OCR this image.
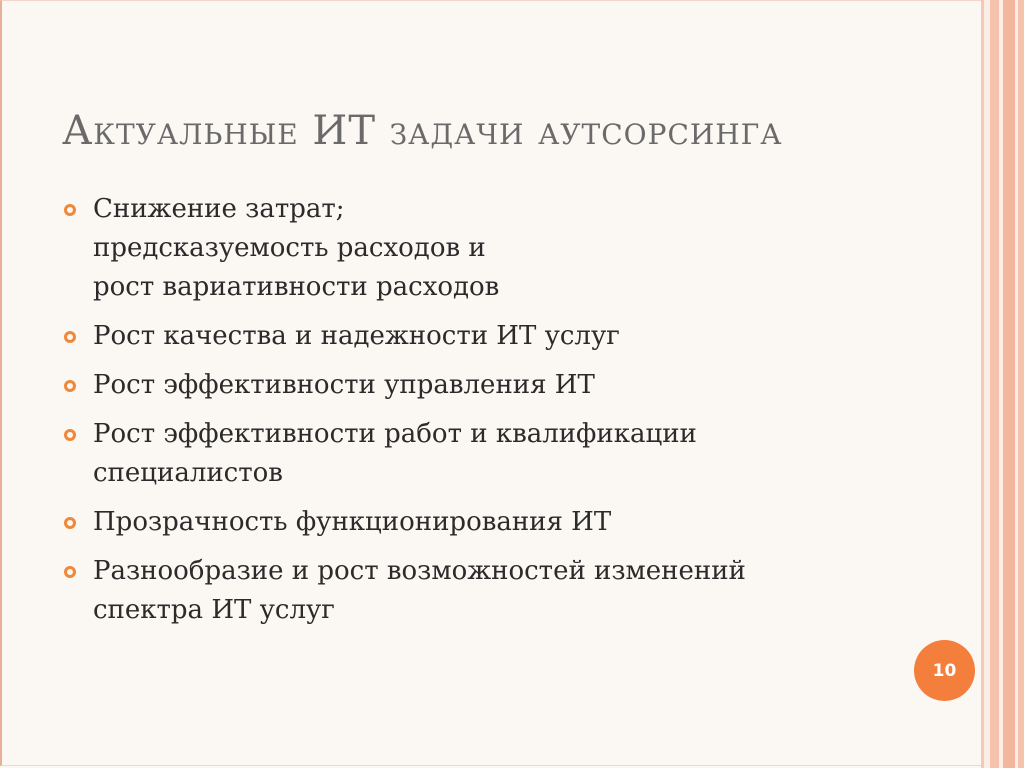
Актуальные ИТ задачи аутсорсинга
Снижение затрат;
предсказуемость расходов и
рост вариативности расходов
Рост качества и надежности ИТ услуг
Рост эффективности управления ИТ
Рост эффективности работ и квалификации
специалистов
Прозрачность функционирования ИТ
Разнообразие и рост возможностей изменений
спектра ИТ услуг
10
